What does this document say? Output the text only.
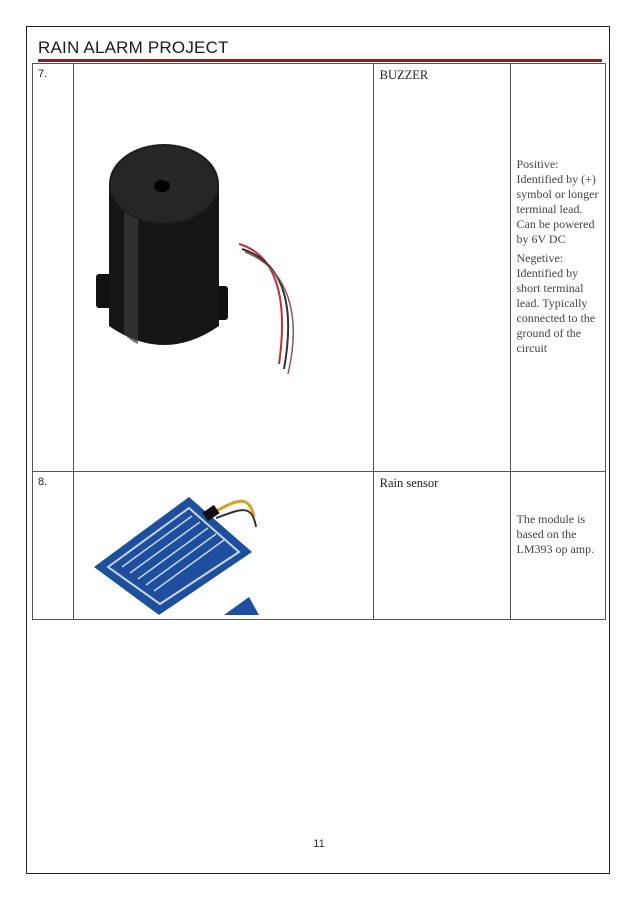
RAIN ALARM PROJECT
7.		BUZZER	Positive: Identified by (+) symbol or longer terminal lead. Can be powered by 6V DC

Negetive: Identified by short terminal lead. Typically connected to the ground of the circuit

8.		Rain sensor	The module is based on the LM393 op amp.

11
